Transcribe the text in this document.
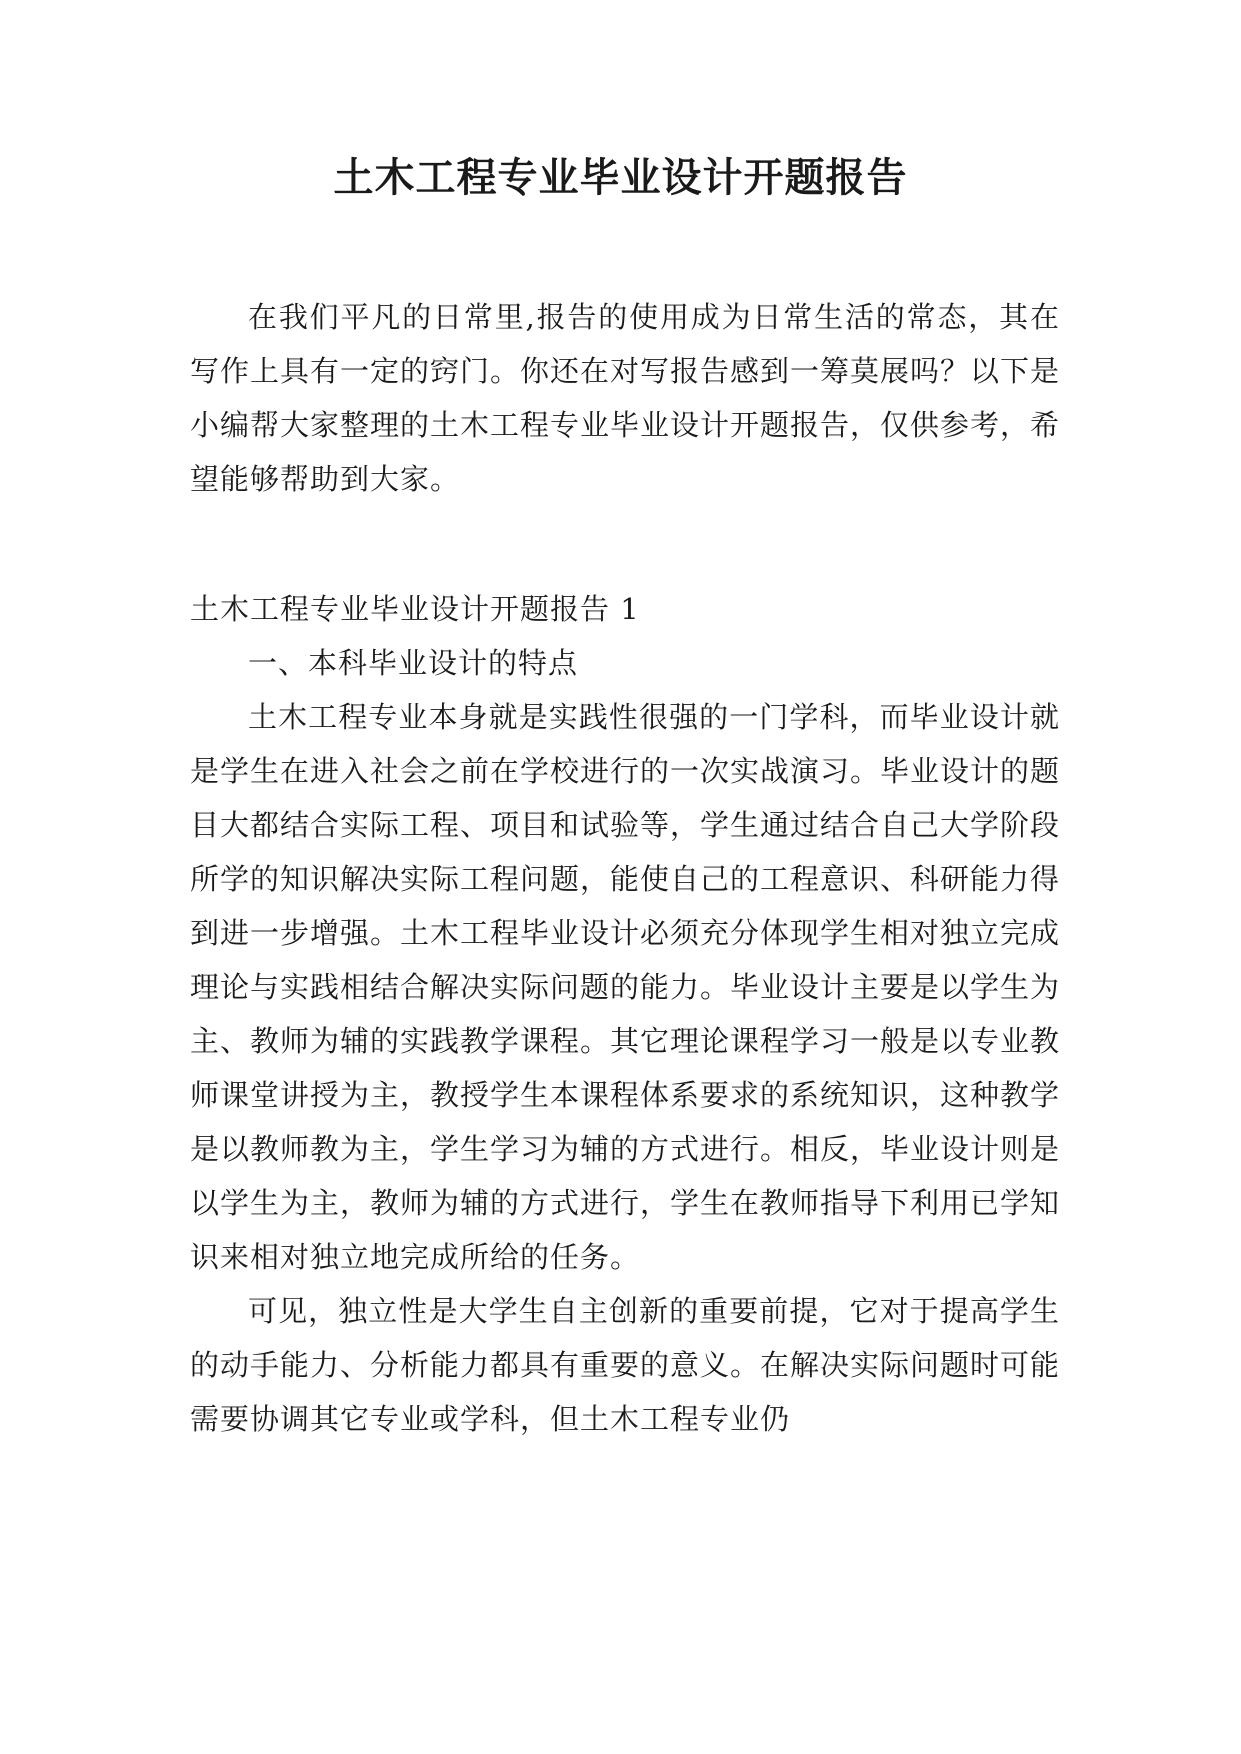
土木工程专业毕业设计开题报告

在我们平凡的日常里,报告的使用成为日常生活的常态，其在写作上具有一定的窍门。你还在对写报告感到一筹莫展吗？以下是小编帮大家整理的土木工程专业毕业设计开题报告，仅供参考，希望能够帮助到大家。

土木工程专业毕业设计开题报告 1
一、本科毕业设计的特点

土木工程专业本身就是实践性很强的一门学科，而毕业设计就是学生在进入社会之前在学校进行的一次实战演习。毕业设计的题目大都结合实际工程、项目和试验等，学生通过结合自己大学阶段所学的知识解决实际工程问题，能使自己的工程意识、科研能力得到进一步增强。土木工程毕业设计必须充分体现学生相对独立完成理论与实践相结合解决实际问题的能力。毕业设计主要是以学生为主、教师为辅的实践教学课程。其它理论课程学习一般是以专业教师课堂讲授为主，教授学生本课程体系要求的系统知识，这种教学是以教师教为主，学生学习为辅的方式进行。相反，毕业设计则是以学生为主，教师为辅的方式进行，学生在教师指导下利用已学知识来相对独立地完成所给的任务。

可见，独立性是大学生自主创新的重要前提，它对于提高学生的动手能力、分析能力都具有重要的意义。在解决实际问题时可能需要协调其它专业或学科，但土木工程专业仍
